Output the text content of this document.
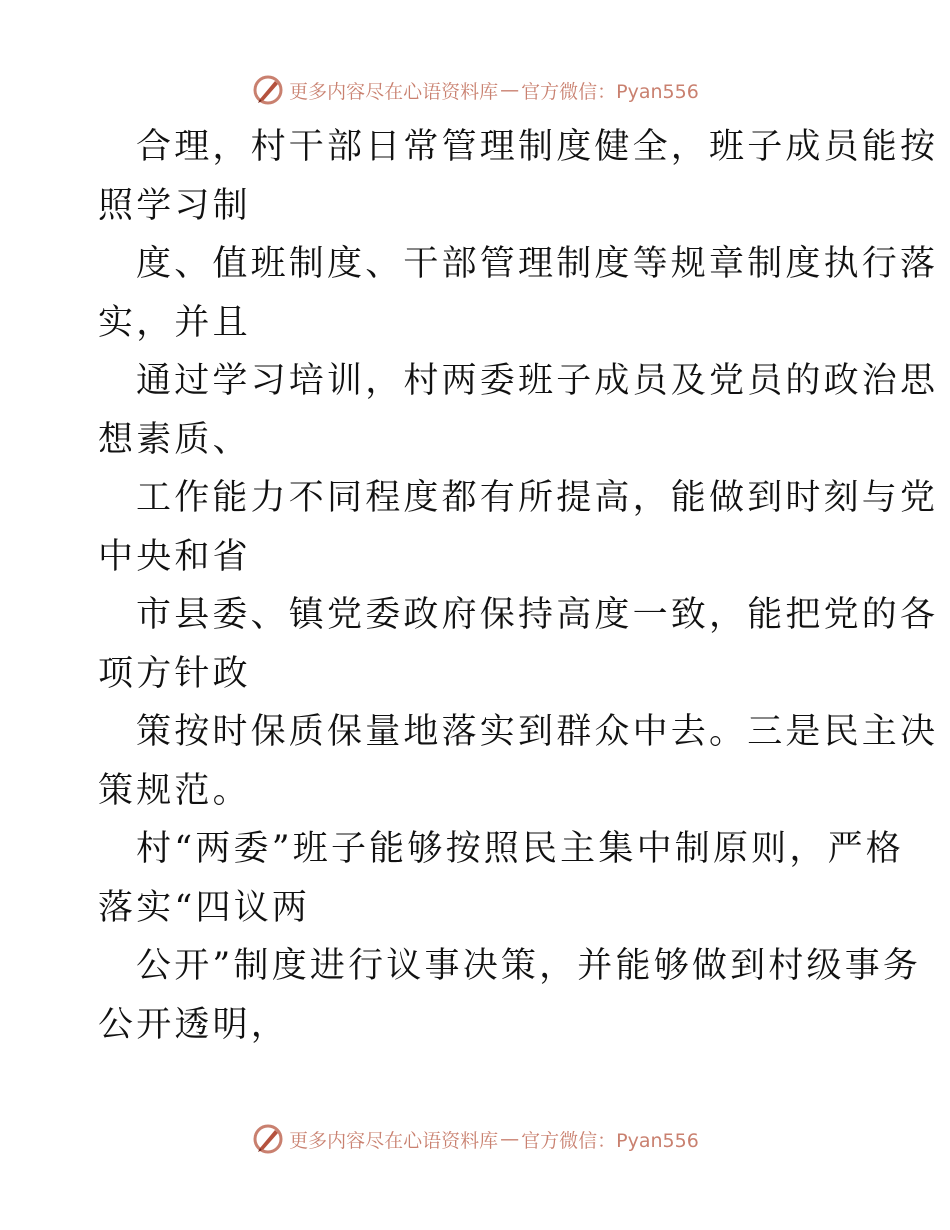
更多内容尽在心语资料库 — 官方微信：Pyan556
合理，村干部日常管理制度健全，班子成员能按
照学习制
度、值班制度、干部管理制度等规章制度执行落
实，并且
通过学习培训，村两委班子成员及党员的政治思
想素质、
工作能力不同程度都有所提高，能做到时刻与党
中央和省
市县委、镇党委政府保持高度一致，能把党的各
项方针政
策按时保质保量地落实到群众中去。三是民主决
策规范。
村“两委”班子能够按照民主集中制原则，严格
落实“四议两
公开”制度进行议事决策，并能够做到村级事务
公开透明，
更多内容尽在心语资料库 — 官方微信：Pyan556
